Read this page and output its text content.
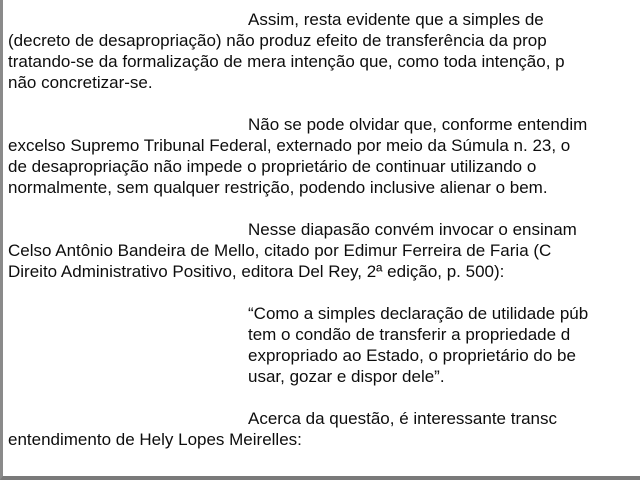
Assim, resta evidente que a simples de
(decreto de desapropriação) não produz efeito de transferência da prop
tratando-se da formalização de mera intenção que, como toda intenção, p
não concretizar-se.
Não se pode olvidar que, conforme entendim
excelso Supremo Tribunal Federal, externado por meio da Súmula n. 23, o
de desapropriação não impede o proprietário de continuar utilizando o
normalmente, sem qualquer restrição, podendo inclusive alienar o bem.
Nesse diapasão convém invocar o ensinam
Celso Antônio Bandeira de Mello, citado por Edimur Ferreira de Faria (C
Direito Administrativo Positivo, editora Del Rey, 2ª edição, p. 500):
“Como a simples declaração de utilidade púb
tem o condão de transferir a propriedade d
expropriado ao Estado, o proprietário do be
usar, gozar e dispor dele”.
Acerca da questão, é interessante transc
entendimento de Hely Lopes Meirelles:
